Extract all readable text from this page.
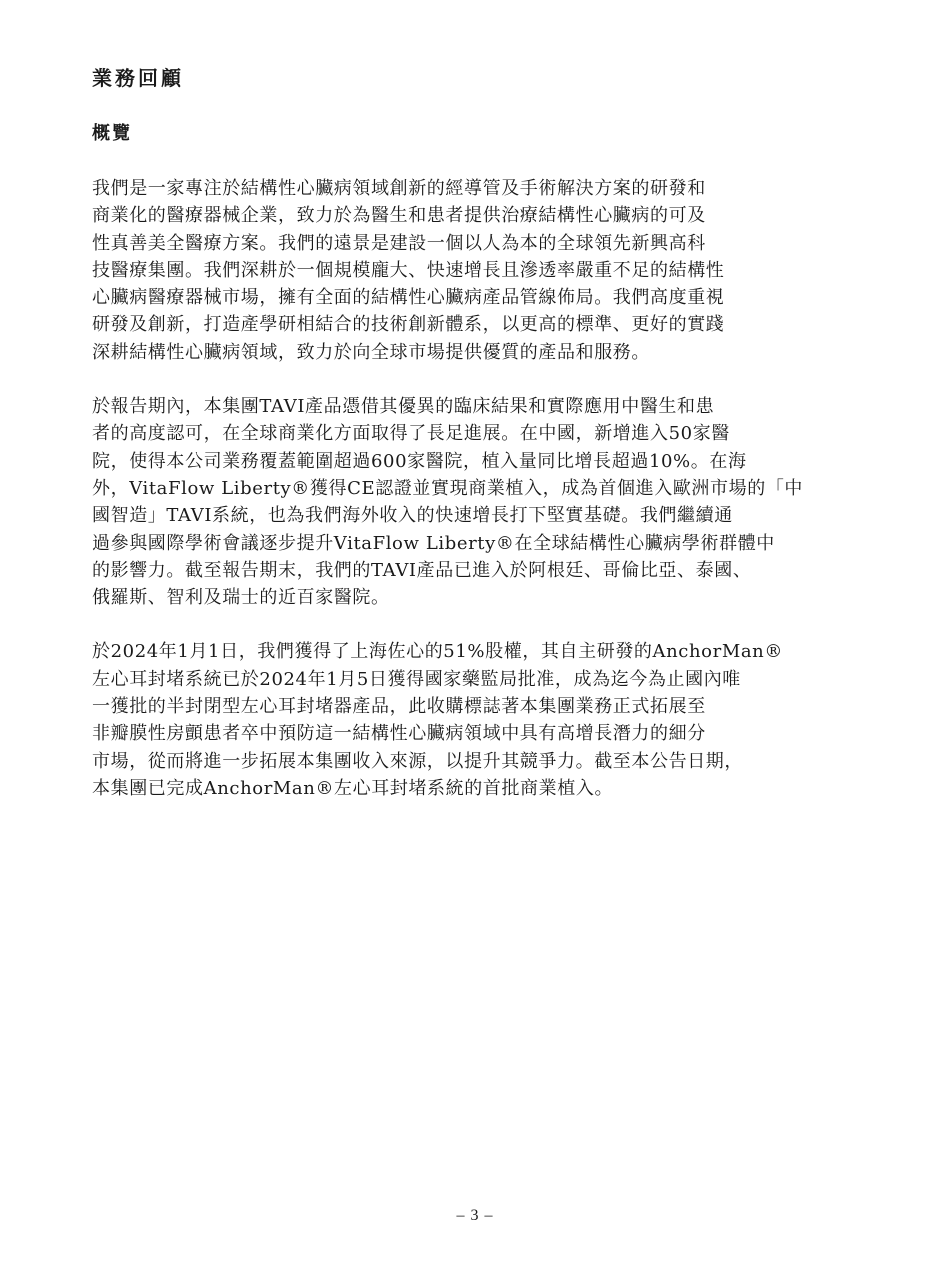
業務回顧
概覽

我們是一家專注於結構性心臟病領域創新的經導管及手術解決方案的研發和
商業化的醫療器械企業，致力於為醫生和患者提供治療結構性心臟病的可及
性真善美全醫療方案。我們的遠景是建設一個以人為本的全球領先新興高科
技醫療集團。我們深耕於一個規模龐大、快速增長且滲透率嚴重不足的結構性
心臟病醫療器械市場，擁有全面的結構性心臟病產品管線佈局。我們高度重視
研發及創新，打造產學研相結合的技術創新體系，以更高的標準、更好的實踐
深耕結構性心臟病領域，致力於向全球市場提供優質的產品和服務。

於報告期內，本集團TAVI產品憑借其優異的臨床結果和實際應用中醫生和患
者的高度認可，在全球商業化方面取得了長足進展。在中國，新增進入50家醫
院，使得本公司業務覆蓋範圍超過600家醫院，植入量同比增長超過10%。在海
外，VitaFlow Liberty®獲得CE認證並實現商業植入，成為首個進入歐洲市場的「中
國智造」TAVI系統，也為我們海外收入的快速增長打下堅實基礎。我們繼續通
過參與國際學術會議逐步提升VitaFlow Liberty®在全球結構性心臟病學術群體中
的影響力。截至報告期末，我們的TAVI產品已進入於阿根廷、哥倫比亞、泰國、
俄羅斯、智利及瑞士的近百家醫院。

於2024年1月1日，我們獲得了上海佐心的51%股權，其自主研發的AnchorMan®
左心耳封堵系統已於2024年1月5日獲得國家藥監局批准，成為迄今為止國內唯
一獲批的半封閉型左心耳封堵器產品，此收購標誌著本集團業務正式拓展至
非瓣膜性房顫患者卒中預防這一結構性心臟病領域中具有高增長潛力的細分
市場，從而將進一步拓展本集團收入來源，以提升其競爭力。截至本公告日期，
本集團已完成AnchorMan®左心耳封堵系統的首批商業植入。

– 3 –
